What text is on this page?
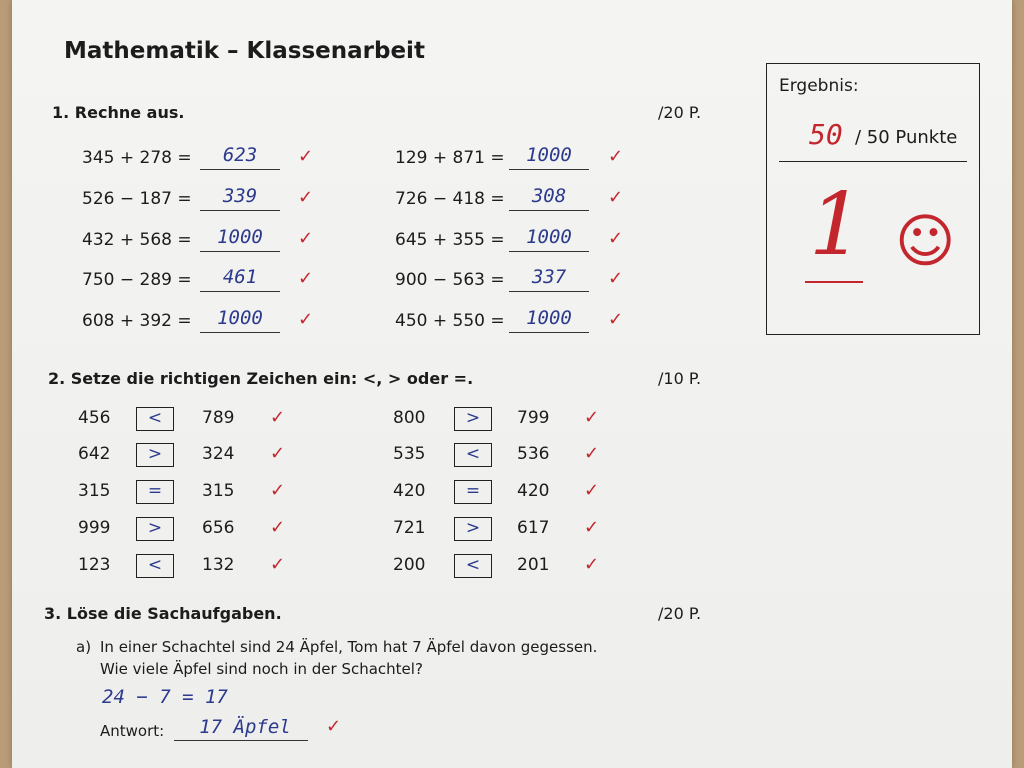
Mathematik – Klassenarbeit
Ergebnis:
50 / 50 Punkte
1 ☺
1. Rechne aus.	/20 P.
345 + 278 =	623	✓
526 − 187 =	339	✓
432 + 568 =	1000	✓
750 − 289 =	461	✓
608 + 392 =	1000	✓
129 + 871 =	1000	✓
726 − 418 =	308	✓
645 + 355 =	1000	✓
900 − 563 =	337	✓
450 + 550 =	1000	✓
2. Setze die richtigen Zeichen ein: <, > oder =.	/10 P.
456	<	789 ✓
642	>	324 ✓
315	=	315 ✓
999	>	656 ✓
123	<	132 ✓
800	>	799 ✓
535	<	536 ✓
420	=	420 ✓
721	>	617 ✓
200	<	201 ✓
3. Löse die Sachaufgaben.	/20 P.
a) In einer Schachtel sind 24 Äpfel, Tom hat 7 Äpfel davon gegessen.
Wie viele Äpfel sind noch in der Schachtel?
24 − 7 = 17
Antwort:	17 Äpfel	✓
